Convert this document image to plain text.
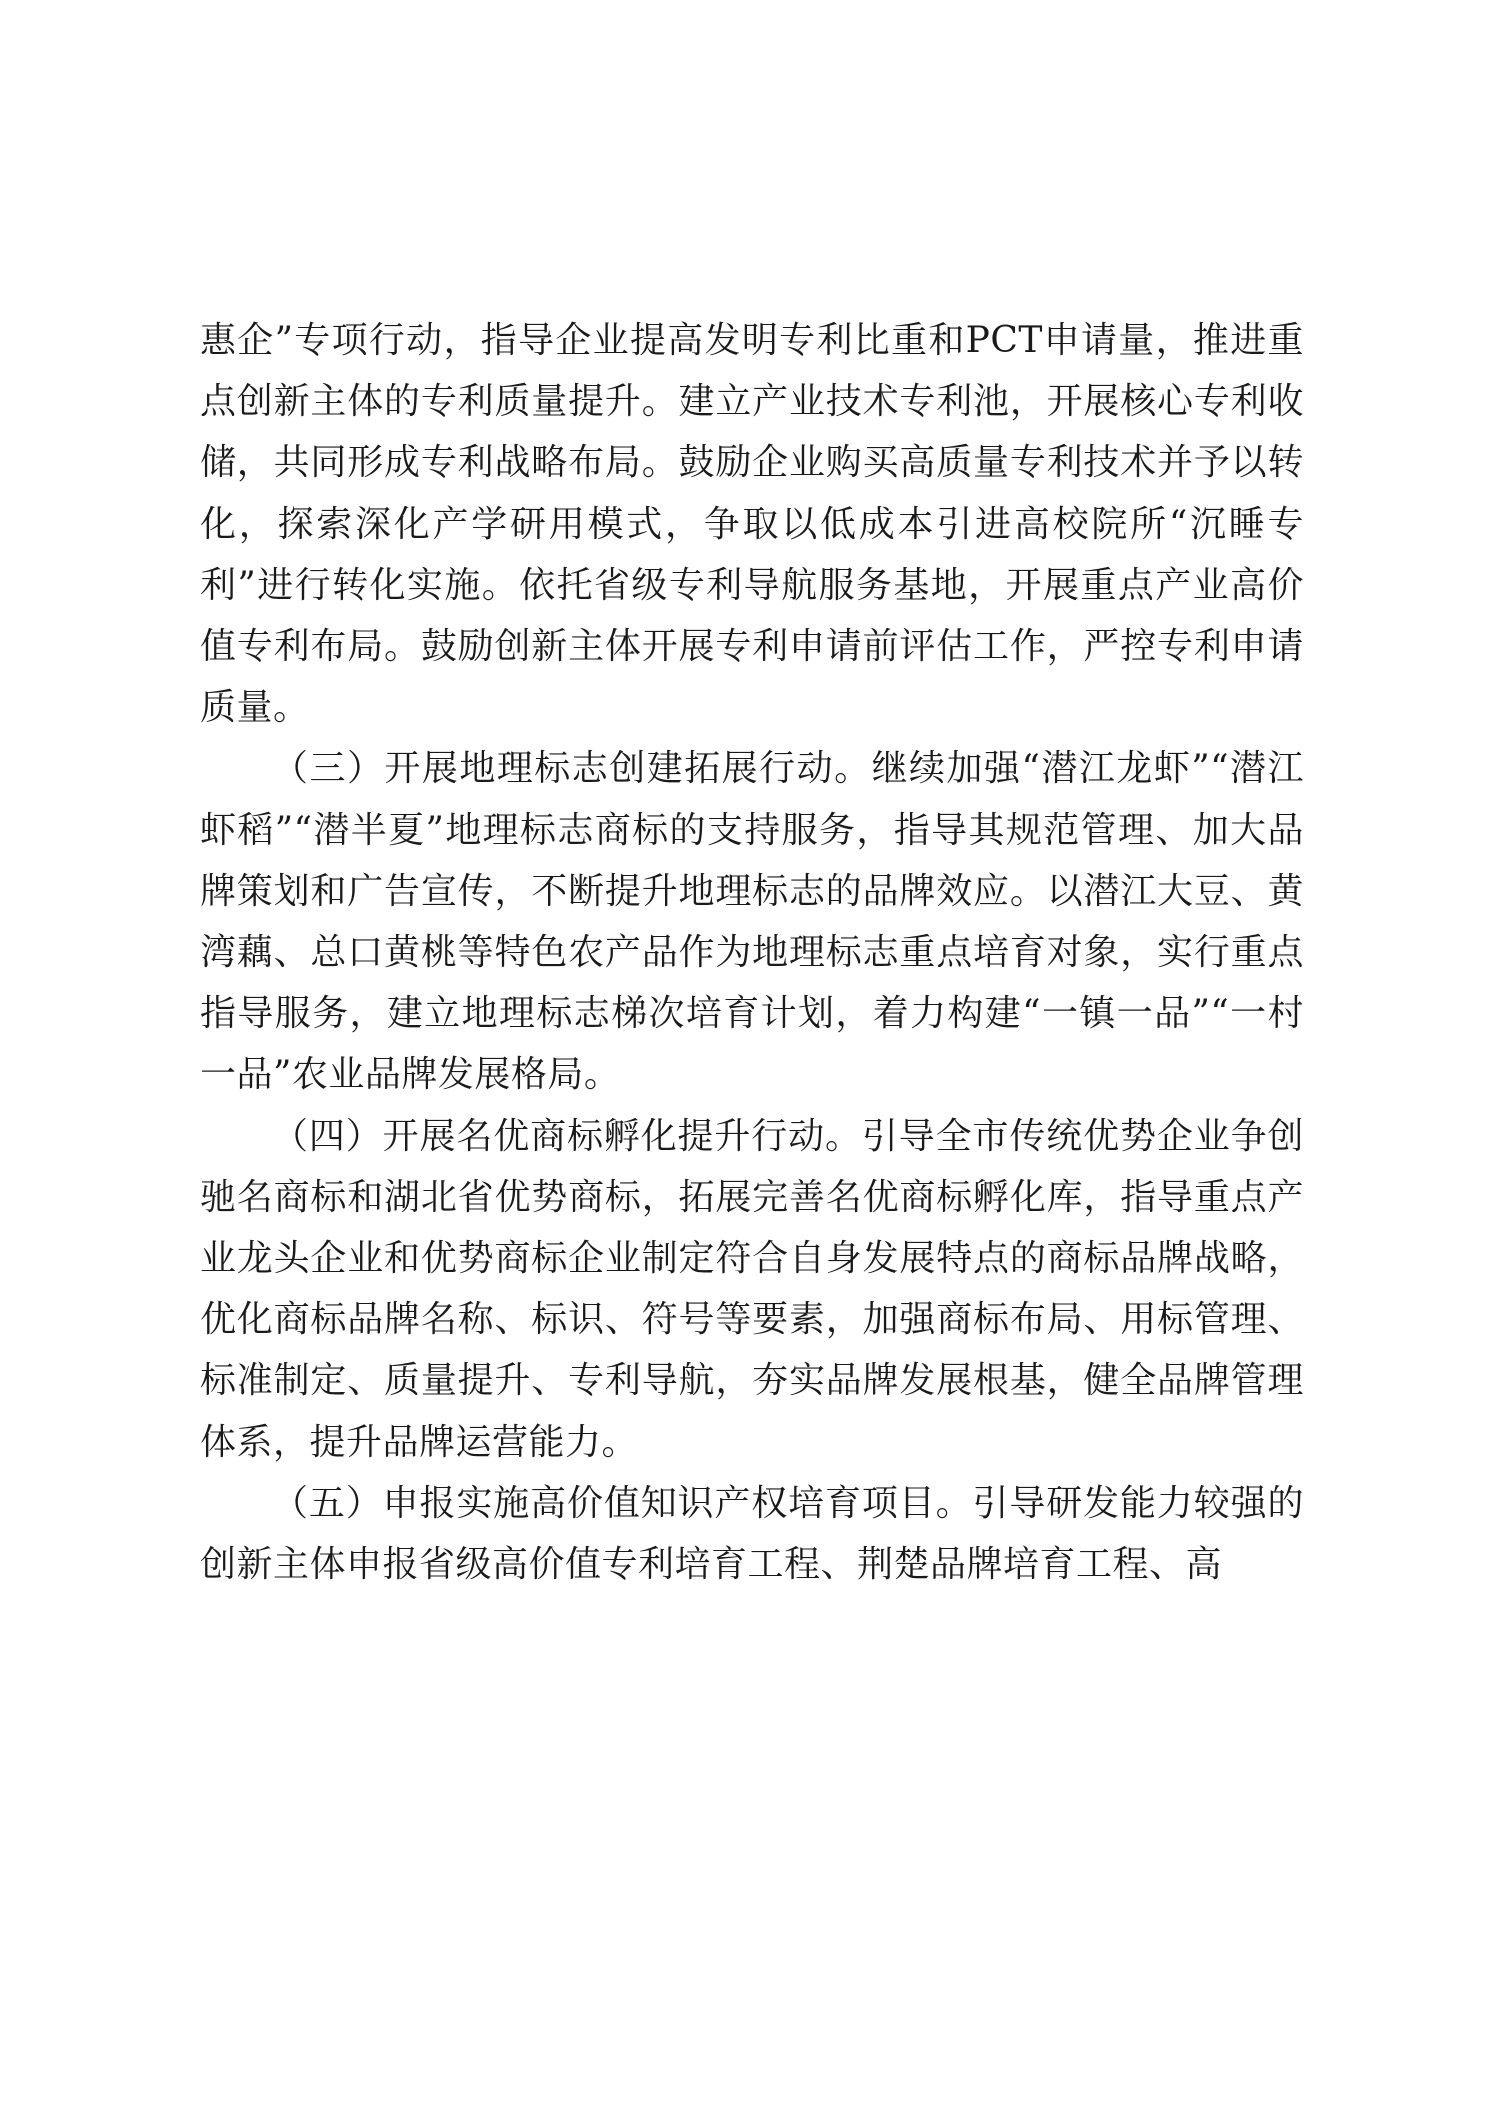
惠企”专项行动，指导企业提高发明专利比重和PCT申请量，推进重点创新主体的专利质量提升。建立产业技术专利池，开展核心专利收储，共同形成专利战略布局。鼓励企业购买高质量专利技术并予以转化，探索深化产学研用模式，争取以低成本引进高校院所“沉睡专利”进行转化实施。依托省级专利导航服务基地，开展重点产业高价值专利布局。鼓励创新主体开展专利申请前评估工作，严控专利申请质量。

（三）开展地理标志创建拓展行动。继续加强“潜江龙虾”“潜江虾稻”“潜半夏”地理标志商标的支持服务，指导其规范管理、加大品牌策划和广告宣传，不断提升地理标志的品牌效应。以潜江大豆、黄湾藕、总口黄桃等特色农产品作为地理标志重点培育对象，实行重点指导服务，建立地理标志梯次培育计划，着力构建“一镇一品”“一村一品”农业品牌发展格局。

（四）开展名优商标孵化提升行动。引导全市传统优势企业争创驰名商标和湖北省优势商标，拓展完善名优商标孵化库，指导重点产业龙头企业和优势商标企业制定符合自身发展特点的商标品牌战略，优化商标品牌名称、标识、符号等要素，加强商标布局、用标管理、标准制定、质量提升、专利导航，夯实品牌发展根基，健全品牌管理体系，提升品牌运营能力。

（五）申报实施高价值知识产权培育项目。引导研发能力较强的创新主体申报省级高价值专利培育工程、荆楚品牌培育工程、高
